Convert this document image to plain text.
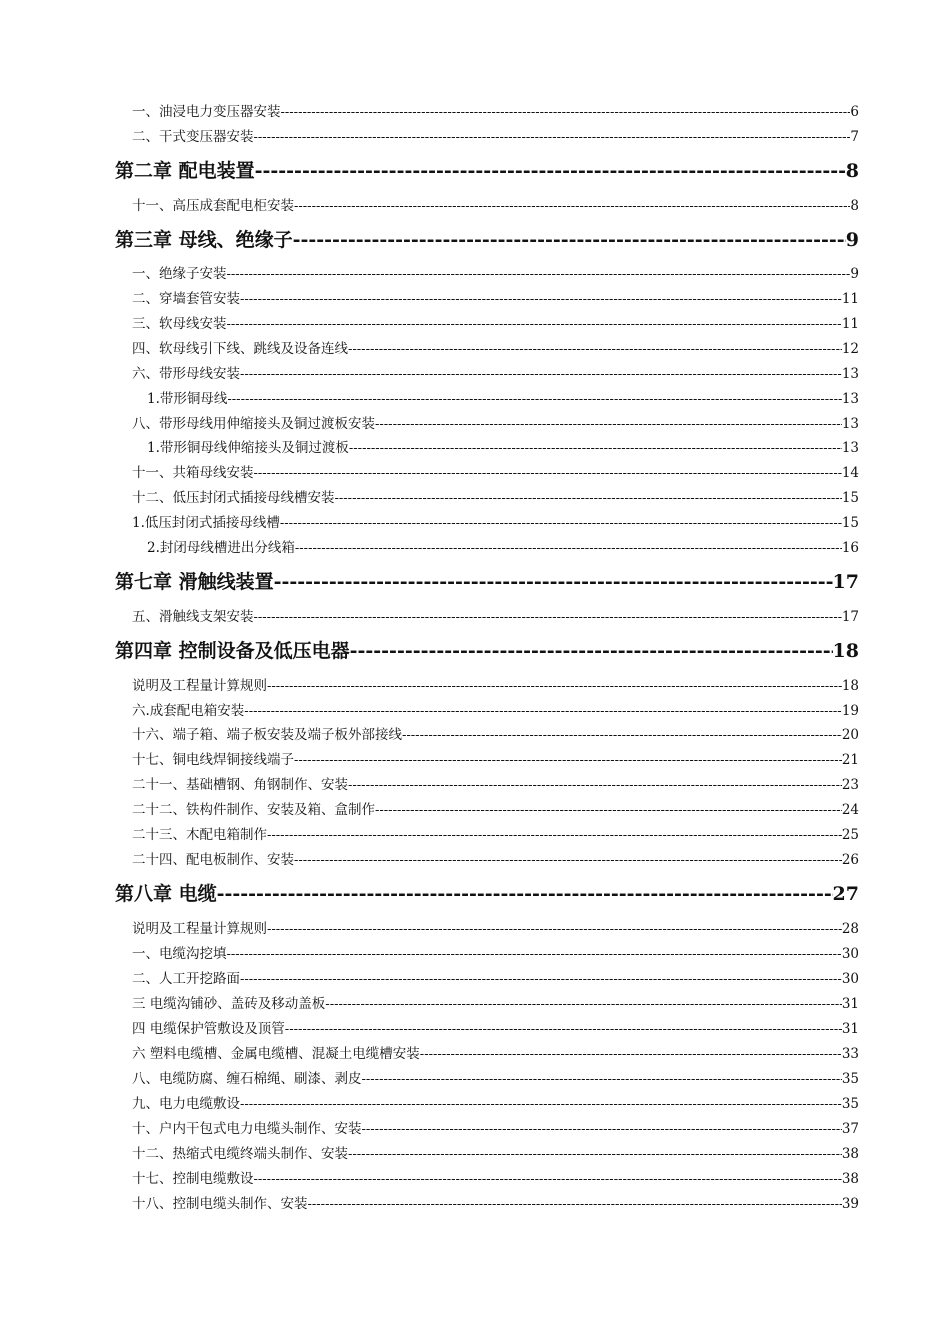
一、油浸电力变压器安装 -----	6
二、干式变压器安装 -----	7
第二章 配电装置 -----	8
十一、高压成套配电柜安装 -----	8
第三章 母线、绝缘子 -----	9
一、绝缘子安装 -----	9
二、穿墙套管安装 -----	11
三、软母线安装 -----	11
四、软母线引下线、跳线及设备连线 -----	12
六、带形母线安装 -----	13
1.带形铜母线 -----	13
八、带形母线用伸缩接头及铜过渡板安装 -----	13
1.带形铜母线伸缩接头及铜过渡板 -----	13
十一、共箱母线安装 -----	14
十二、低压封闭式插接母线槽安装 -----	15
1.低压封闭式插接母线槽 -----	15
2.封闭母线槽进出分线箱 -----	16
第七章 滑触线装置 -----	17
五、滑触线支架安装 -----	17
第四章 控制设备及低压电器 -----	18
说明及工程量计算规则 -----	18
六.成套配电箱安装 -----	19
十六、端子箱、端子板安装及端子板外部接线 -----	20
十七、铜电线焊铜接线端子 -----	21
二十一、基础槽钢、角钢制作、安装 -----	23
二十二、铁构件制作、安装及箱、盒制作 -----	24
二十三、木配电箱制作 -----	25
二十四、配电板制作、安装 -----	26
第八章 电缆 -----	27
说明及工程量计算规则 -----	28
一、电缆沟挖填 -----	30
二、人工开挖路面 -----	30
三 电缆沟铺砂、盖砖及移动盖板 -----	31
四 电缆保护管敷设及顶管 -----	31
六 塑料电缆槽、金属电缆槽、混凝土电缆槽安装 -----	33
八、电缆防腐、缠石棉绳、刷漆、剥皮 -----	35
九、电力电缆敷设 -----	35
十、户内干包式电力电缆头制作、安装 -----	37
十二、热缩式电缆终端头制作、安装 -----	38
十七、控制电缆敷设 -----	38
十八、控制电缆头制作、安装 -----	39
